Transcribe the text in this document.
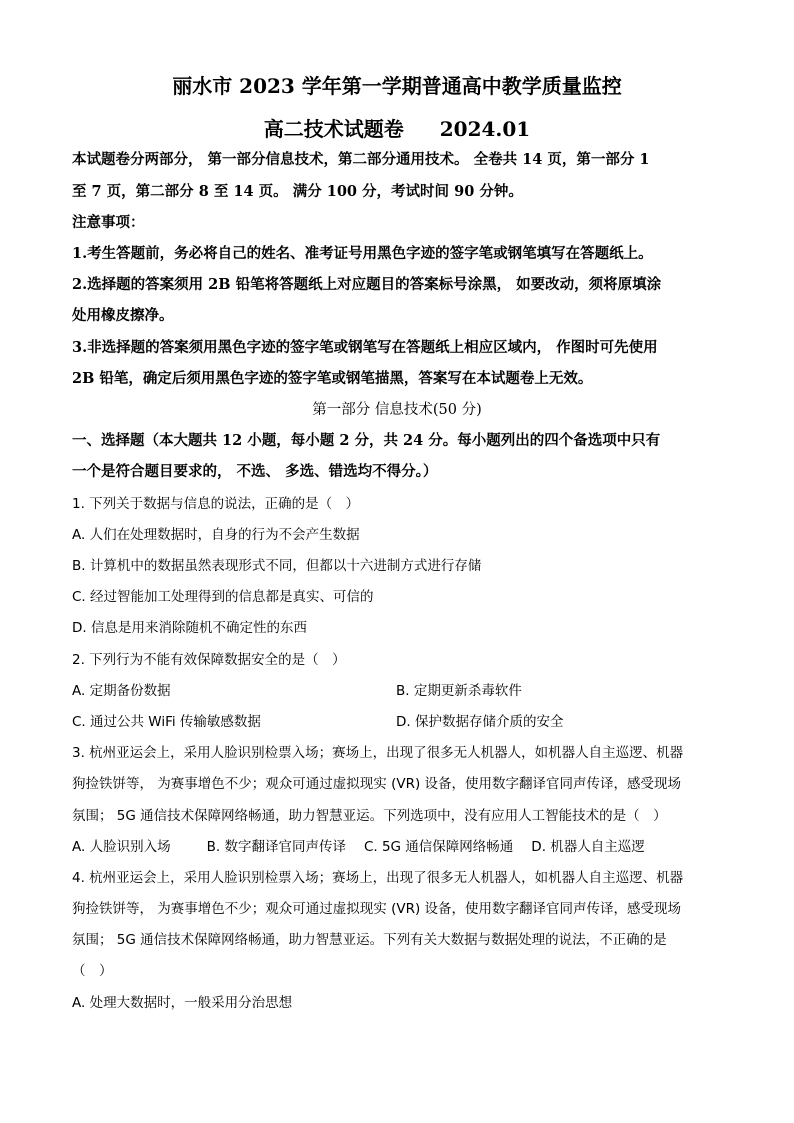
丽水市 2023 学年第一学期普通高中教学质量监控
高二技术试题卷 2024.01
本试题卷分两部分， 第一部分信息技术，第二部分通用技术。 全卷共 14 页，第一部分 1
至 7 页，第二部分 8 至 14 页。 满分 100 分，考试时间 90 分钟。
注意事项：
1.考生答题前，务必将自己的姓名、准考证号用黑色字迹的签字笔或钢笔填写在答题纸上。
2.选择题的答案须用 2B 铅笔将答题纸上对应题目的答案标号涂黑， 如要改动，须将原填涂
处用橡皮擦净。
3.非选择题的答案须用黑色字迹的签字笔或钢笔写在答题纸上相应区域内， 作图时可先使用
2B 铅笔，确定后须用黑色字迹的签字笔或钢笔描黑，答案写在本试题卷上无效。
第一部分 信息技术(50 分)
一、选择题（本大题共 12 小题，每小题 2 分，共 24 分。每小题列出的四个备选项中只有
一个是符合题目要求的， 不选、 多选、错选均不得分。）
1. 下列关于数据与信息的说法，正确的是（　）
A. 人们在处理数据时，自身的行为不会产生数据
B. 计算机中的数据虽然表现形式不同，但都以十六进制方式进行存储
C. 经过智能加工处理得到的信息都是真实、可信的
D. 信息是用来消除随机不确定性的东西
2. 下列行为不能有效保障数据安全的是（　）
A. 定期备份数据	B. 定期更新杀毒软件
C. 通过公共 WiFi 传输敏感数据	D. 保护数据存储介质的安全
3. 杭州亚运会上，采用人脸识别检票入场；赛场上，出现了很多无人机器人，如机器人自主巡逻、机器
狗捡铁饼等， 为赛事增色不少；观众可通过虚拟现实 (VR) 设备，使用数字翻译官同声传译，感受现场
氛围； 5G 通信技术保障网络畅通，助力智慧亚运。下列选项中，没有应用人工智能技术的是（　）
A. 人脸识别入场	B. 数字翻译官同声传译 C. 5G 通信保障网络畅通 D. 机器人自主巡逻
4. 杭州亚运会上，采用人脸识别检票入场；赛场上，出现了很多无人机器人，如机器人自主巡逻、机器
狗捡铁饼等， 为赛事增色不少；观众可通过虚拟现实 (VR) 设备，使用数字翻译官同声传译，感受现场
氛围； 5G 通信技术保障网络畅通，助力智慧亚运。下列有关大数据与数据处理的说法，不正确的是
（　）
A. 处理大数据时，一般采用分治思想
